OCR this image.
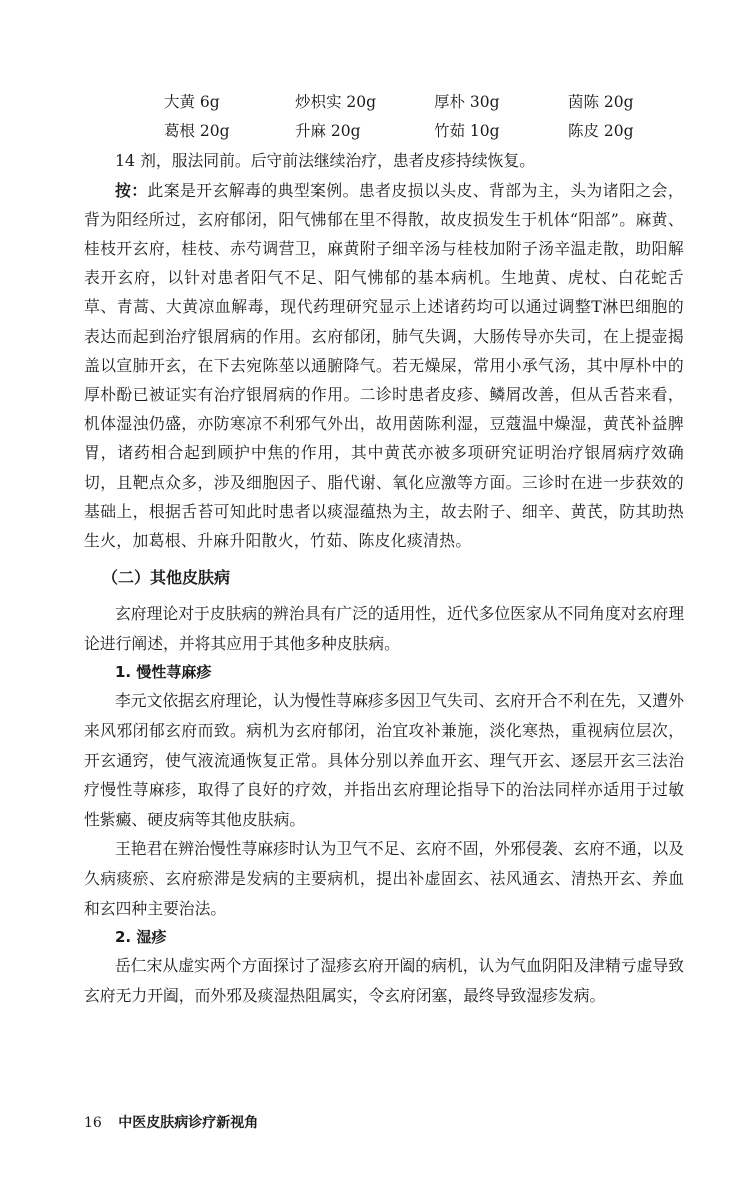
大黄 6g	炒枳实 20g	厚朴 30g	茵陈 20g
葛根 20g	升麻 20g	竹茹 10g	陈皮 20g

14 剂，服法同前。后守前法继续治疗，患者皮疹持续恢复。

按：此案是开玄解毒的典型案例。患者皮损以头皮、背部为主，头为诸阳之会，背为阳经所过，玄府郁闭，阳气怫郁在里不得散，故皮损发生于机体“阳部”。麻黄、桂枝开玄府，桂枝、赤芍调营卫，麻黄附子细辛汤与桂枝加附子汤辛温走散，助阳解表开玄府，以针对患者阳气不足、阳气怫郁的基本病机。生地黄、虎杖、白花蛇舌草、青蒿、大黄凉血解毒，现代药理研究显示上述诸药均可以通过调整T淋巴细胞的表达而起到治疗银屑病的作用。玄府郁闭，肺气失调，大肠传导亦失司，在上提壶揭盖以宣肺开玄，在下去宛陈莝以通腑降气。若无燥屎，常用小承气汤，其中厚朴中的厚朴酚已被证实有治疗银屑病的作用。二诊时患者皮疹、鳞屑改善，但从舌苔来看，机体湿浊仍盛，亦防寒凉不利邪气外出，故用茵陈利湿，豆蔻温中燥湿，黄芪补益脾胃，诸药相合起到顾护中焦的作用，其中黄芪亦被多项研究证明治疗银屑病疗效确切，且靶点众多，涉及细胞因子、脂代谢、氧化应激等方面。三诊时在进一步获效的基础上，根据舌苔可知此时患者以痰湿蕴热为主，故去附子、细辛、黄芪，防其助热生火，加葛根、升麻升阳散火，竹茹、陈皮化痰清热。

（二）其他皮肤病

玄府理论对于皮肤病的辨治具有广泛的适用性，近代多位医家从不同角度对玄府理论进行阐述，并将其应用于其他多种皮肤病。

1. 慢性荨麻疹

李元文依据玄府理论，认为慢性荨麻疹多因卫气失司、玄府开合不利在先，又遭外来风邪闭郁玄府而致。病机为玄府郁闭，治宜攻补兼施，淡化寒热，重视病位层次，开玄通窍，使气液流通恢复正常。具体分别以养血开玄、理气开玄、逐层开玄三法治疗慢性荨麻疹，取得了良好的疗效，并指出玄府理论指导下的治法同样亦适用于过敏性紫癜、硬皮病等其他皮肤病。

王艳君在辨治慢性荨麻疹时认为卫气不足、玄府不固，外邪侵袭、玄府不通，以及久病痰瘀、玄府瘀滞是发病的主要病机，提出补虚固玄、祛风通玄、清热开玄、养血和玄四种主要治法。

2. 湿疹

岳仁宋从虚实两个方面探讨了湿疹玄府开阖的病机，认为气血阴阳及津精亏虚导致玄府无力开阖，而外邪及痰湿热阻属实，令玄府闭塞，最终导致湿疹发病。

16 中医皮肤病诊疗新视角
